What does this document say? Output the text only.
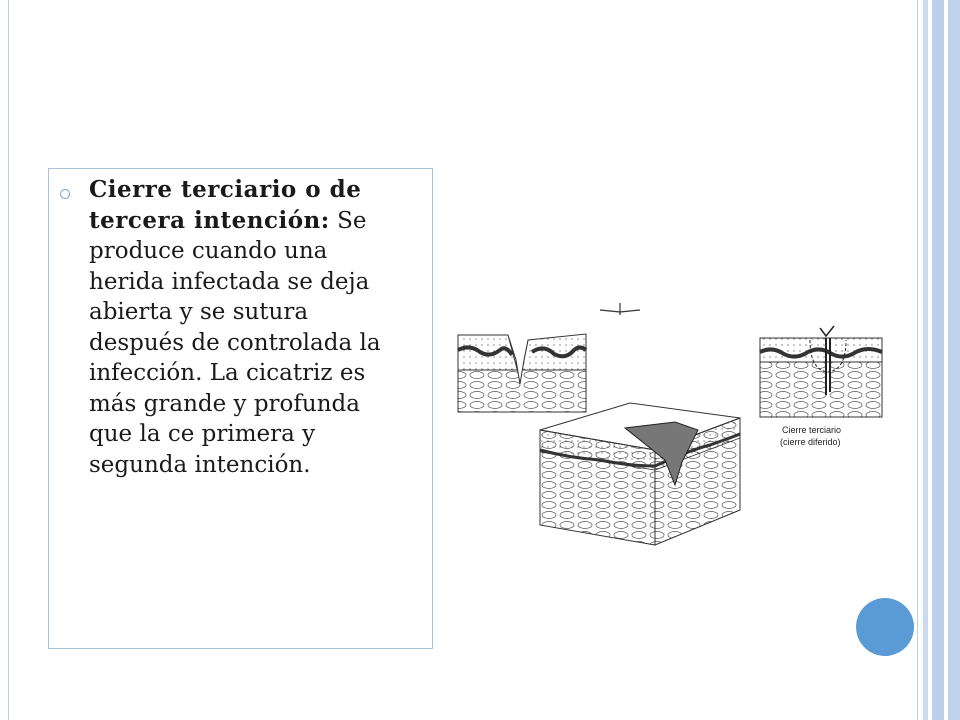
Cierre terciario o de tercera intención: Se produce cuando una herida infectada se deja abierta y se sutura después de controlada la infección. La cicatriz es más grande y profunda que la ce primera y segunda intención.

Cierre terciario
(cierre diferido)
